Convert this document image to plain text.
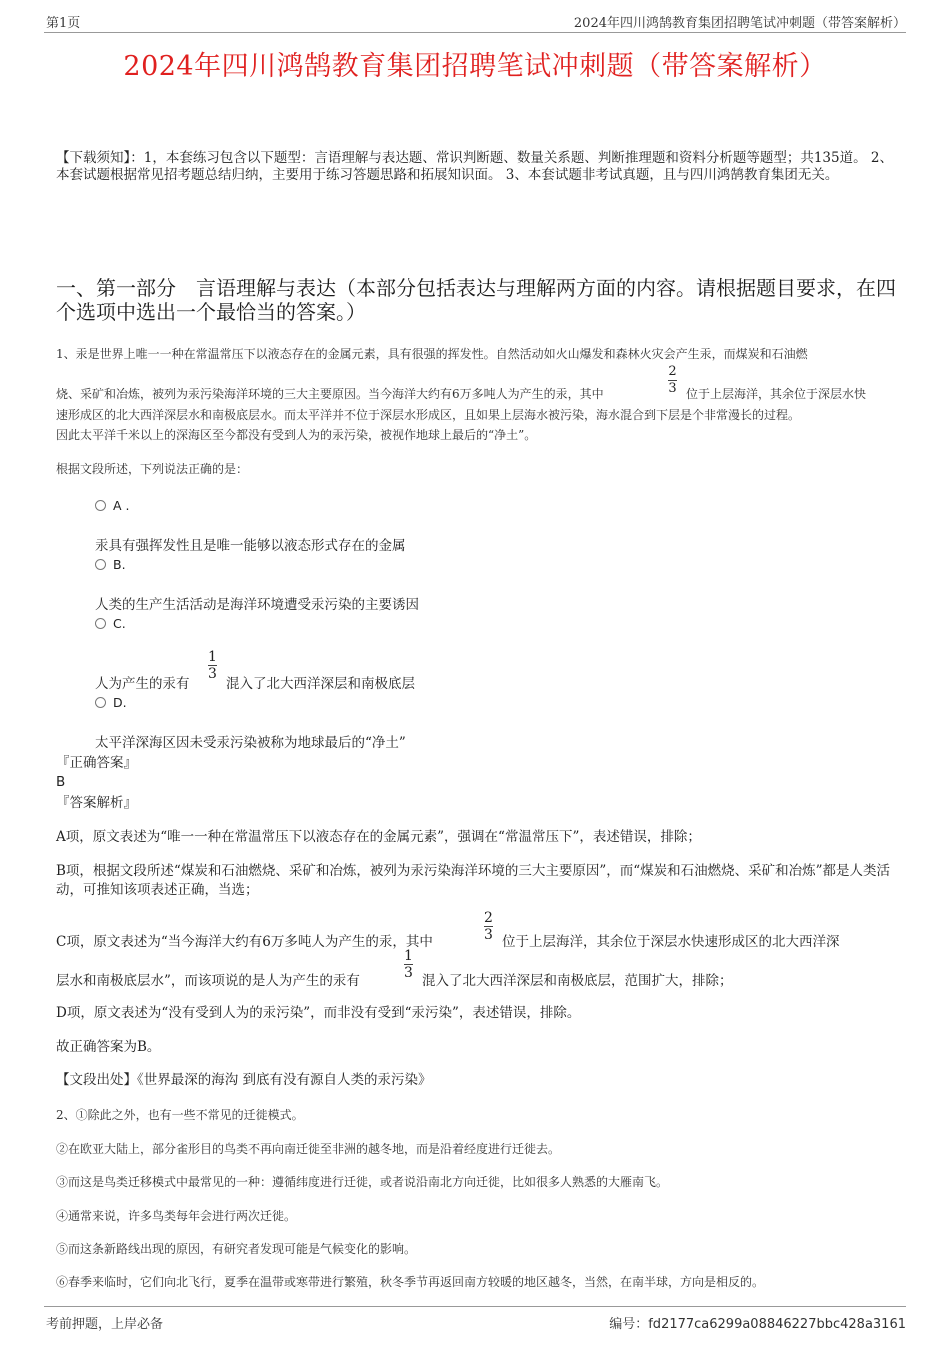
第1页	2024年四川鸿鹄教育集团招聘笔试冲刺题（带答案解析）
2024年四川鸿鹄教育集团招聘笔试冲刺题（带答案解析）
【下载须知】：1，本套练习包含以下题型：言语理解与表达题、常识判断题、数量关系题、判断推理题和资料分析题等题型；共135道。 2、本套试题根据常见招考题总结归纳，主要用于练习答题思路和拓展知识面。 3、本套试题非考试真题，且与四川鸿鹄教育集团无关。
一、第一部分　言语理解与表达（本部分包括表达与理解两方面的内容。请根据题目要求，在四个选项中选出一个最恰当的答案。）
1、汞是世界上唯一一种在常温常压下以液态存在的金属元素，具有很强的挥发性。自然活动如火山爆发和森林火灾会产生汞，而煤炭和石油燃
烧、采矿和冶炼，被列为汞污染海洋环境的三大主要原因。当今海洋大约有6万多吨人为产生的汞，其中
2
3 位于上层海洋，其余位于深层水快
速形成区的北大西洋深层水和南极底层水。而太平洋并不位于深层水形成区，且如果上层海水被污染，海水混合到下层是个非常漫长的过程。
因此太平洋千米以上的深海区至今都没有受到人为的汞污染，被视作地球上最后的“净土”。
根据文段所述，下列说法正确的是：
A .
汞具有强挥发性且是唯一能够以液态形式存在的金属
B.
人类的生产生活活动是海洋环境遭受汞污染的主要诱因
C.
人为产生的汞有
1
3
混入了北大西洋深层和南极底层
D.
太平洋深海区因未受汞污染被称为地球最后的“净土”
『正确答案』
B
『答案解析』
A项，原文表述为“唯一一种在常温常压下以液态存在的金属元素”，强调在“常温常压下”，表述错误，排除；
B项，根据文段所述“煤炭和石油燃烧、采矿和冶炼，被列为汞污染海洋环境的三大主要原因”，而“煤炭和石油燃烧、采矿和冶炼”都是人类活动，可推知该项表述正确，当选；
C项，原文表述为“当今海洋大约有6万多吨人为产生的汞，其中
2
3 位于上层海洋，其余位于深层水快速形成区的北大西洋深
层水和南极底层水”，而该项说的是人为产生的汞有
1
3 混入了北大西洋深层和南极底层，范围扩大，排除；
D项，原文表述为“没有受到人为的汞污染”，而非没有受到“汞污染”，表述错误，排除。
故正确答案为B。
【文段出处】《世界最深的海沟 到底有没有源自人类的汞污染》
2、①除此之外，也有一些不常见的迁徙模式。
②在欧亚大陆上，部分雀形目的鸟类不再向南迁徙至非洲的越冬地，而是沿着经度进行迁徙去。
③而这是鸟类迁移模式中最常见的一种：遵循纬度进行迁徙，或者说沿南北方向迁徙，比如很多人熟悉的大雁南飞。
④通常来说，许多鸟类每年会进行两次迁徙。
⑤而这条新路线出现的原因，有研究者发现可能是气候变化的影响。
⑥春季来临时，它们向北飞行，夏季在温带或寒带进行繁殖，秋冬季节再返回南方较暖的地区越冬，当然，在南半球，方向是相反的。
考前押题，上岸必备	编号：fd2177ca6299a08846227bbc428a3161
